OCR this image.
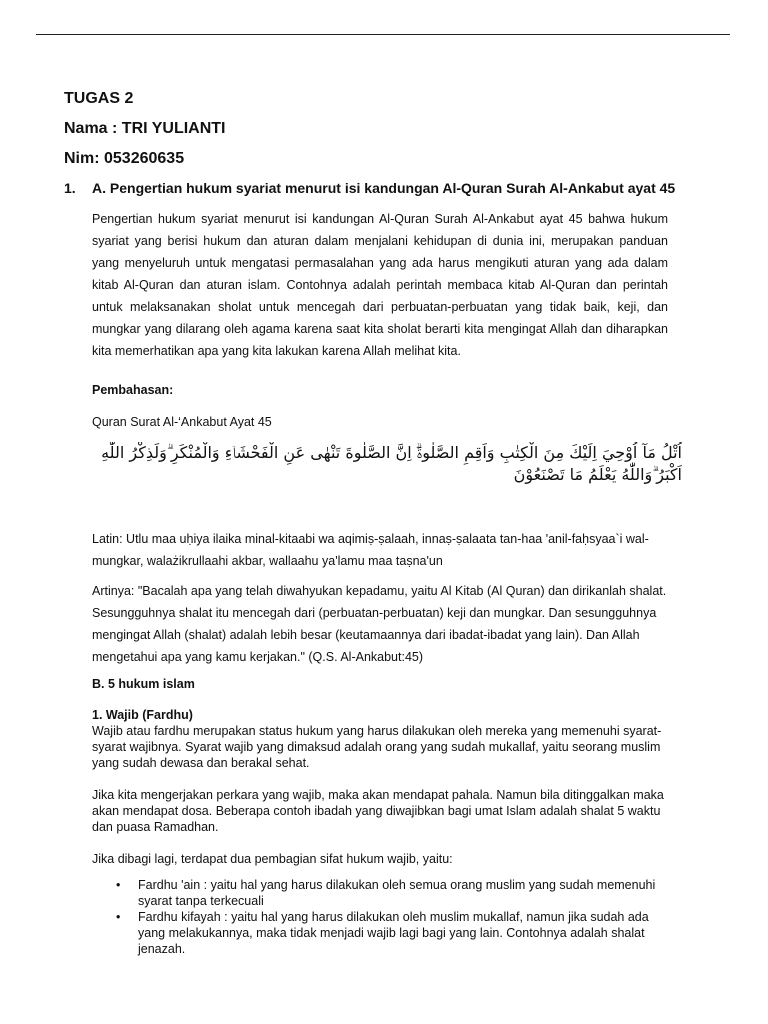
TUGAS 2

Nama : TRI YULIANTI

Nim: 053260635

1.	A. Pengertian hukum syariat menurut isi kandungan Al-Quran Surah Al-Ankabut ayat 45

Pengertian hukum syariat menurut isi kandungan Al-Quran Surah Al-Ankabut ayat 45 bahwa hukum syariat yang berisi hukum dan aturan dalam menjalani kehidupan di dunia ini, merupakan panduan yang menyeluruh untuk mengatasi permasalahan yang ada harus mengikuti aturan yang ada dalam kitab Al-Quran dan aturan islam. Contohnya adalah perintah membaca kitab Al-Quran dan perintah untuk melaksanakan sholat untuk mencegah dari perbuatan-perbuatan yang tidak baik, keji, dan mungkar yang dilarang oleh agama karena saat kita sholat berarti kita mengingat Allah dan diharapkan kita memerhatikan apa yang kita lakukan karena Allah melihat kita.

Pembahasan:

Quran Surat Al-‘Ankabut Ayat 45

اُتْلُ مَآ اُوْحِيَ اِلَيْكَ مِنَ الْكِتٰبِ وَاَقِمِ الصَّلٰوةَۗ اِنَّ الصَّلٰوةَ تَنْهٰى عَنِ الْفَحْشَاۤءِ وَالْمُنْكَرِ ۗوَلَذِكْرُ اللّٰهِ اَكْبَرُ ۗوَاللّٰهُ يَعْلَمُ مَا تَصْنَعُوْنَ

Latin: Utlu maa uḥiya ilaika minal-kitaabi wa aqimiṣ-ṣalaah, innaṣ-ṣalaata tan-haa 'anil-faḥsyaa`i wal-mungkar, walażikrullaahi akbar, wallaahu ya'lamu maa taṣna'un

Artinya: "Bacalah apa yang telah diwahyukan kepadamu, yaitu Al Kitab (Al Quran) dan dirikanlah shalat. Sesungguhnya shalat itu mencegah dari (perbuatan-perbuatan) keji dan mungkar. Dan sesungguhnya mengingat Allah (shalat) adalah lebih besar (keutamaannya dari ibadat-ibadat yang lain). Dan Allah mengetahui apa yang kamu kerjakan." (Q.S. Al-Ankabut:45)

B. 5 hukum islam

1. Wajib (Fardhu)

Wajib atau fardhu merupakan status hukum yang harus dilakukan oleh mereka yang memenuhi syarat-syarat wajibnya. Syarat wajib yang dimaksud adalah orang yang sudah mukallaf, yaitu seorang muslim yang sudah dewasa dan berakal sehat.

Jika kita mengerjakan perkara yang wajib, maka akan mendapat pahala. Namun bila ditinggalkan maka akan mendapat dosa. Beberapa contoh ibadah yang diwajibkan bagi umat Islam adalah shalat 5 waktu dan puasa Ramadhan.

Jika dibagi lagi, terdapat dua pembagian sifat hukum wajib, yaitu:

• Fardhu 'ain : yaitu hal yang harus dilakukan oleh semua orang muslim yang sudah memenuhi syarat tanpa terkecuali
• Fardhu kifayah : yaitu hal yang harus dilakukan oleh muslim mukallaf, namun jika sudah ada yang melakukannya, maka tidak menjadi wajib lagi bagi yang lain. Contohnya adalah shalat jenazah.
